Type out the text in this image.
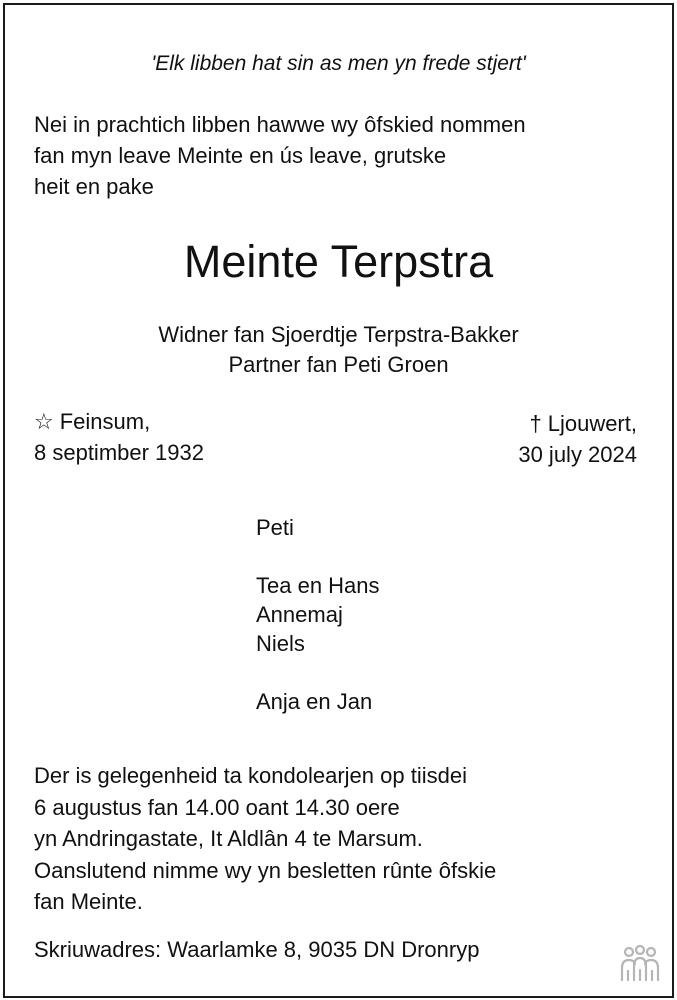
'Elk libben hat sin as men yn frede stjert'
Nei in prachtich libben hawwe wy ôfskied nommen
fan myn leave Meinte en ús leave, grutske
heit en pake
Meinte Terpstra
Widner fan Sjoerdtje Terpstra-Bakker
Partner fan Peti Groen
☆ Feinsum,
8 septimber 1932
† Ljouwert,
30 july 2024
Peti
Tea en Hans
Annemaj
Niels
Anja en Jan
Der is gelegenheid ta kondolearjen op tiisdei
6 augustus fan 14.00 oant 14.30 oere
yn Andringastate, It Aldlân 4 te Marsum.
Oanslutend nimme wy yn besletten rûnte ôfskie
fan Meinte.
Skriuwadres: Waarlamke 8, 9035 DN Dronryp
